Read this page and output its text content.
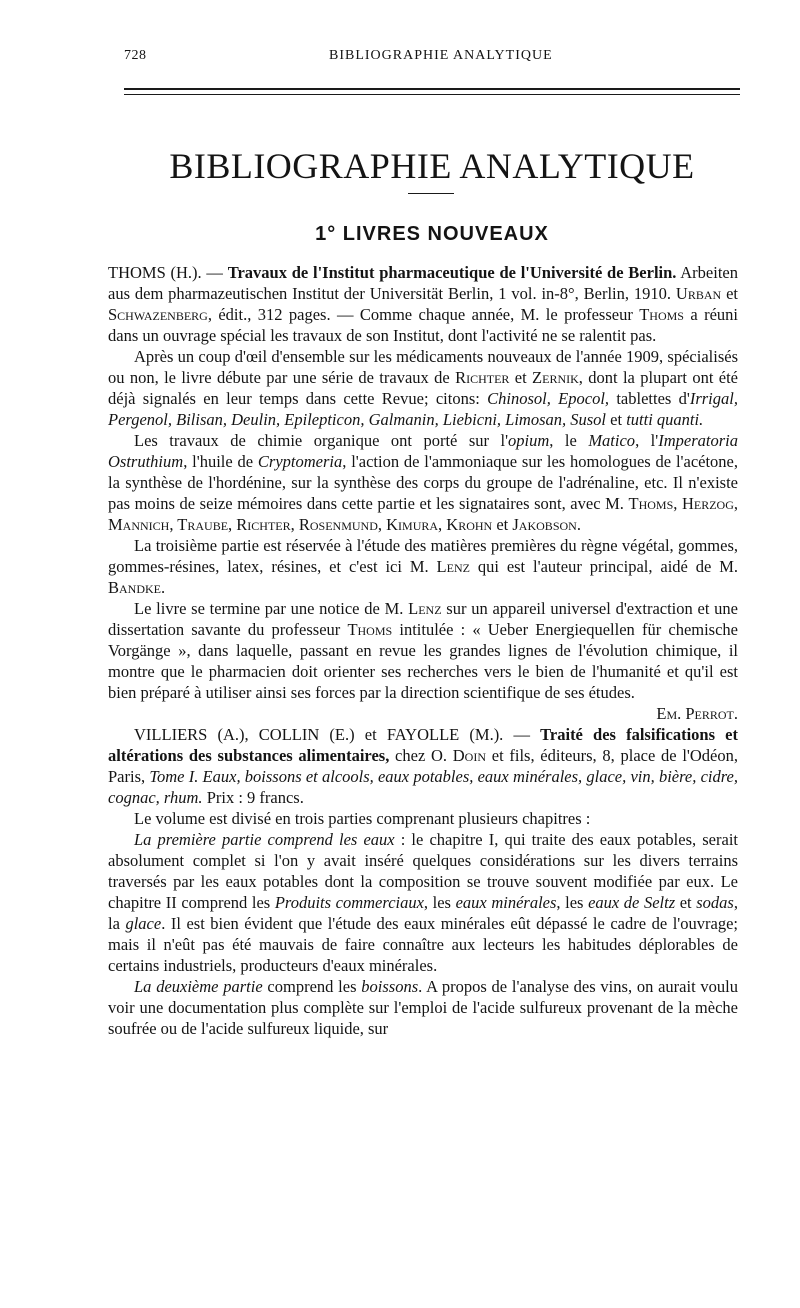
728	BIBLIOGRAPHIE ANALYTIQUE
BIBLIOGRAPHIE ANALYTIQUE
1° LIVRES NOUVEAUX

THOMS (H.). — Travaux de l'Institut pharmaceutique de l'Université de Berlin. Arbeiten aus dem pharmazeutischen Institut der Universität Berlin, 1 vol. in-8°, Berlin, 1910. Urban et Schwazenberg, édit., 312 pages. — Comme chaque année, M. le professeur Thoms a réuni dans un ouvrage spécial les travaux de son Institut, dont l'activité ne se ralentit pas.

Après un coup d'œil d'ensemble sur les médicaments nouveaux de l'année 1909, spécialisés ou non, le livre débute par une série de travaux de Richter et Zernik, dont la plupart ont été déjà signalés en leur temps dans cette Revue; citons: Chinosol, Epocol, tablettes d'Irrigal, Pergenol, Bilisan, Deulin, Epilepticon, Galmanin, Liebicni, Limosan, Susol et tutti quanti.

Les travaux de chimie organique ont porté sur l'opium, le Matico, l'Imperatoria Ostruthium, l'huile de Cryptomeria, l'action de l'ammoniaque sur les homologues de l'acétone, la synthèse de l'hordénine, sur la synthèse des corps du groupe de l'adrénaline, etc. Il n'existe pas moins de seize mémoires dans cette partie et les signataires sont, avec M. Thoms, Herzog, Mannich, Traube, Richter, Rosenmund, Kimura, Krohn et Jakobson.

La troisième partie est réservée à l'étude des matières premières du règne végétal, gommes, gommes-résines, latex, résines, et c'est ici M. Lenz qui est l'auteur principal, aidé de M. Bandke.

Le livre se termine par une notice de M. Lenz sur un appareil universel d'extraction et une dissertation savante du professeur Thoms intitulée : « Ueber Energiequellen für chemische Vorgänge », dans laquelle, passant en revue les grandes lignes de l'évolution chimique, il montre que le pharmacien doit orienter ses recherches vers le bien de l'humanité et qu'il est bien préparé à utiliser ainsi ses forces par la direction scientifique de ses études.

Em. Perrot.

VILLIERS (A.), COLLIN (E.) et FAYOLLE (M.). — Traité des falsifications et altérations des substances alimentaires, chez O. Doin et fils, éditeurs, 8, place de l'Odéon, Paris, Tome I. Eaux, boissons et alcools, eaux potables, eaux minérales, glace, vin, bière, cidre, cognac, rhum. Prix : 9 francs.

Le volume est divisé en trois parties comprenant plusieurs chapitres :

La première partie comprend les eaux : le chapitre I, qui traite des eaux potables, serait absolument complet si l'on y avait inséré quelques considérations sur les divers terrains traversés par les eaux potables dont la composition se trouve souvent modifiée par eux. Le chapitre II comprend les Produits commerciaux, les eaux minérales, les eaux de Seltz et sodas, la glace. Il est bien évident que l'étude des eaux minérales eût dépassé le cadre de l'ouvrage; mais il n'eût pas été mauvais de faire connaître aux lecteurs les habitudes déplorables de certains industriels, producteurs d'eaux minérales.

La deuxième partie comprend les boissons. A propos de l'analyse des vins, on aurait voulu voir une documentation plus complète sur l'emploi de l'acide sulfureux provenant de la mèche soufrée ou de l'acide sulfureux liquide, sur
